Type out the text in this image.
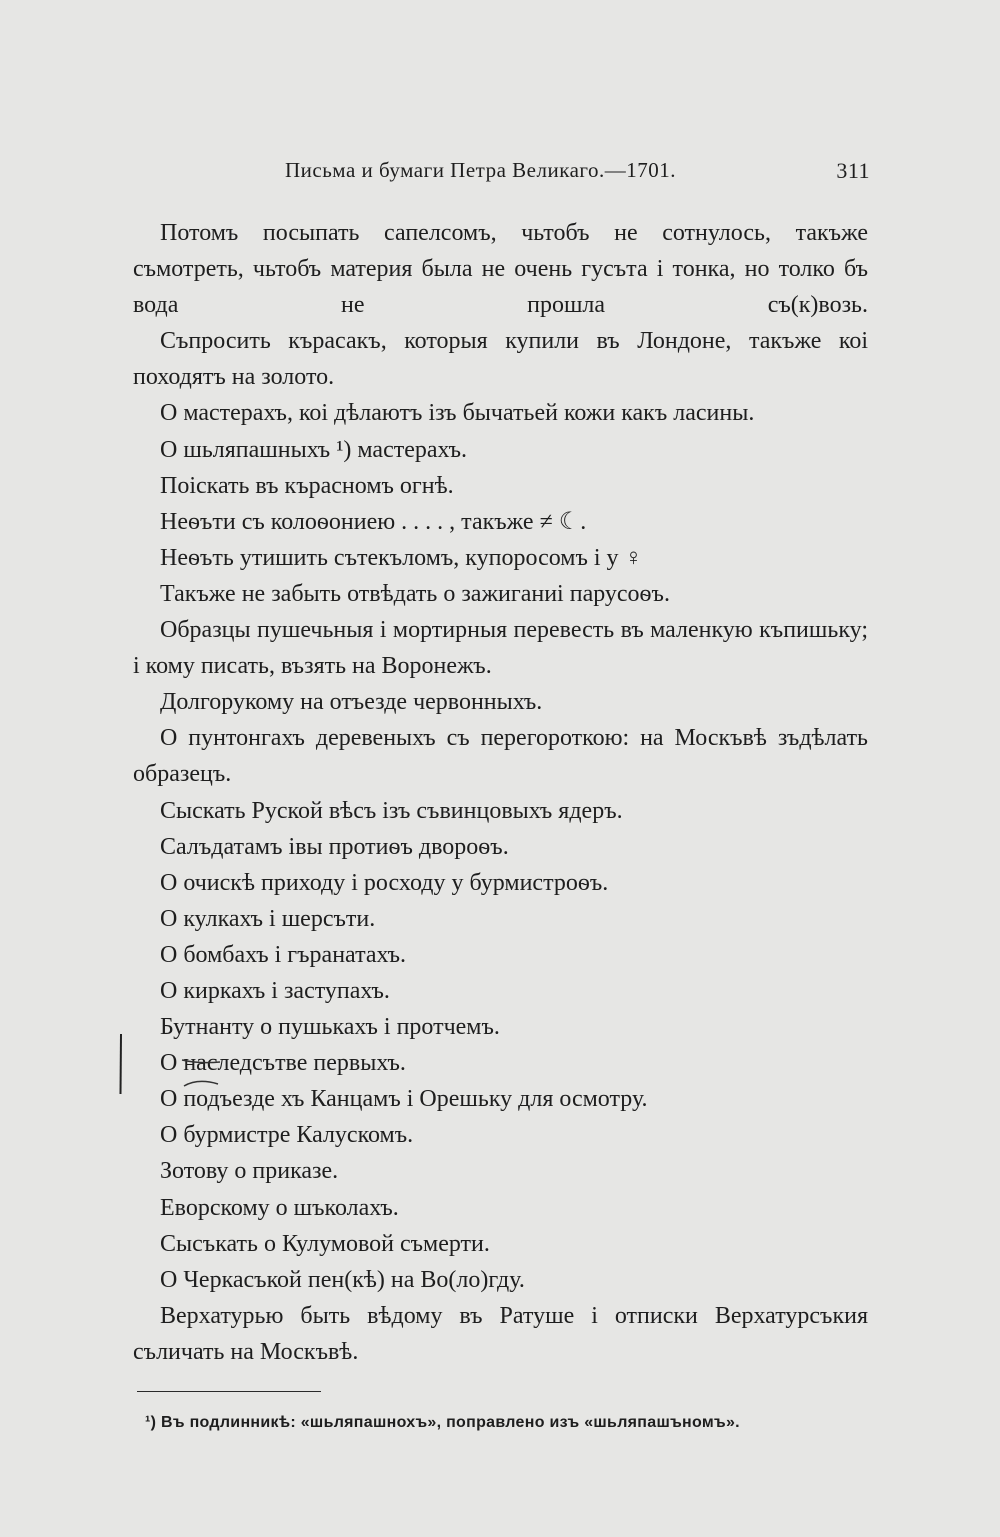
Письма и бумаги Петра Великаго.—1701.	311

Потомъ посыпать сапелсомъ, чьтобъ не сотнулось, такъже съмотреть, чьтобъ материя была не очень гусъта і тонка, но толко бъ вода не прошла съ(к)возь.

Съпросить кърасакъ, которыя купили въ Лондоне, такъже коі походятъ на золото.

О мастерахъ, коі дѣлаютъ ізъ бычатьей кожи какъ ласины.

О шьляпашныхъ ¹) мастерахъ.

Поіскать въ кърасномъ огнѣ.

Неѳъти съ колоѳониею . . . . , такъже ≠ ☾.

Неѳъть утишить сътекъломъ, купоросомъ і у ♀

Такъже не забыть отвѣдать о зажиганиі парусоѳъ.

Образцы пушечьныя і мортирныя перевесть въ маленкую къпишьку; і кому писать, възять на Воронежъ.

Долгорукому на отъезде червонныхъ.

О пунтонгахъ деревеныхъ съ перегороткою: на Москъвѣ зъдѣлать образецъ.

Сыскать Руской вѣсъ ізъ съвинцовыхъ ядеръ.

Салъдатамъ івы протиѳъ двороѳъ.

О очискѣ приходу і росходу у бурмистроѳъ.

О кулкахъ і шерсъти.

О бомбахъ і гъранатахъ.

О киркахъ і заступахъ.

Бутнанту о пушькахъ і протчемъ.

О наследсътве первыхъ.

О подъезде хъ Канцамъ і Орешьку для осмотру.

О бурмистре Калускомъ.

Зотову о приказе.

Еворскому о шъколахъ.

Сысъкать о Кулумовой съмерти.

О Черкасъкой пен(кѣ) на Во(ло)гду.

Верхатурью быть вѣдому въ Ратуше і отписки Верхатурсъкия съличать на Москъвѣ.

¹) Въ подлинникѣ: «шьляпашнохъ», поправлено изъ «шьляпашъномъ».
